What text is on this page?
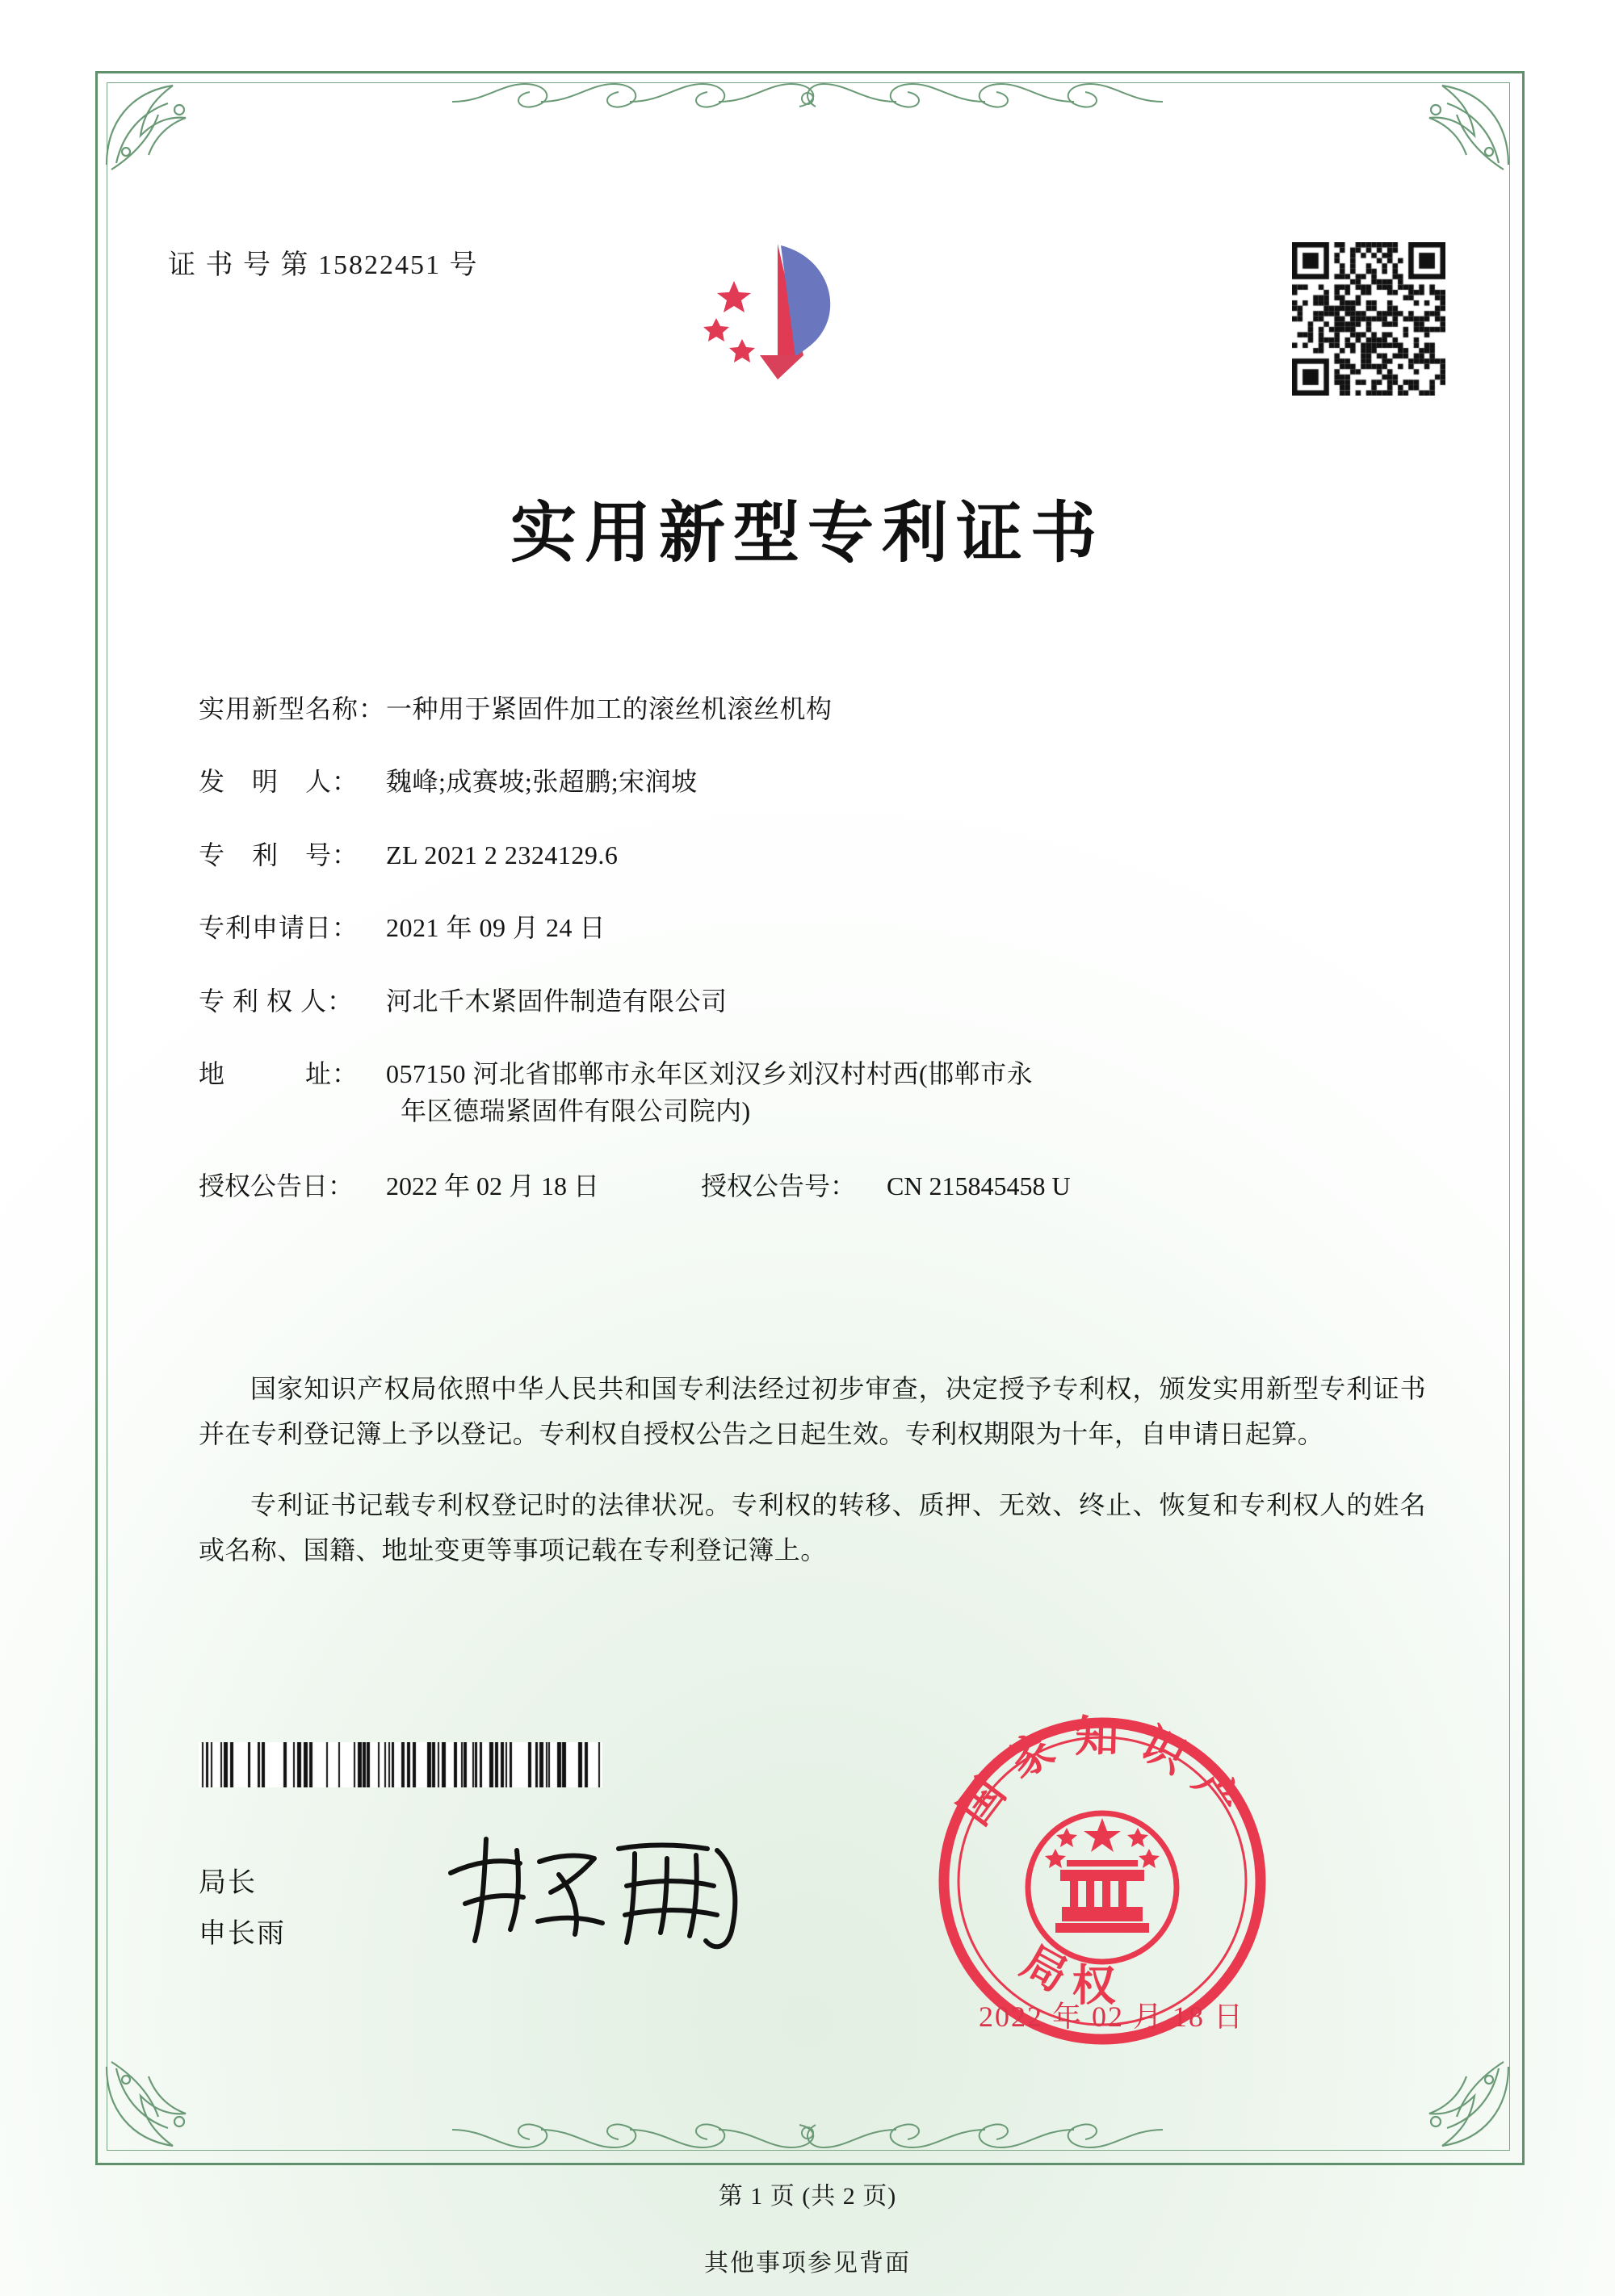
证 书 号 第 15822451 号
实用新型专利证书
实用新型名称： 一种用于紧固件加工的滚丝机滚丝机构
发　明　人：	魏峰;成赛坡;张超鹏;宋润坡
专　利　号：	ZL 2021 2 2324129.6
专利申请日：	2021 年 09 月 24 日
专 利 权 人：	河北千木紧固件制造有限公司
地　　　址：	057150 河北省邯郸市永年区刘汉乡刘汉村村西(邯郸市永
年区德瑞紧固件有限公司院内)
授权公告日：	2022 年 02 月 18 日	授权公告号：	CN 215845458 U

国家知识产权局依照中华人民共和国专利法经过初步审查，决定授予专利权，颁发实用新型专利证书并在专利登记簿上予以登记。专利权自授权公告之日起生效。专利权期限为十年，自申请日起算。

专利证书记载专利权登记时的法律状况。专利权的转移、质押、无效、终止、恢复和专利权人的姓名或名称、国籍、地址变更等事项记载在专利登记簿上。

局长
申长雨
国家知识产
局权
2022 年 02 月 18 日
第 1 页 (共 2 页)
其他事项参见背面
